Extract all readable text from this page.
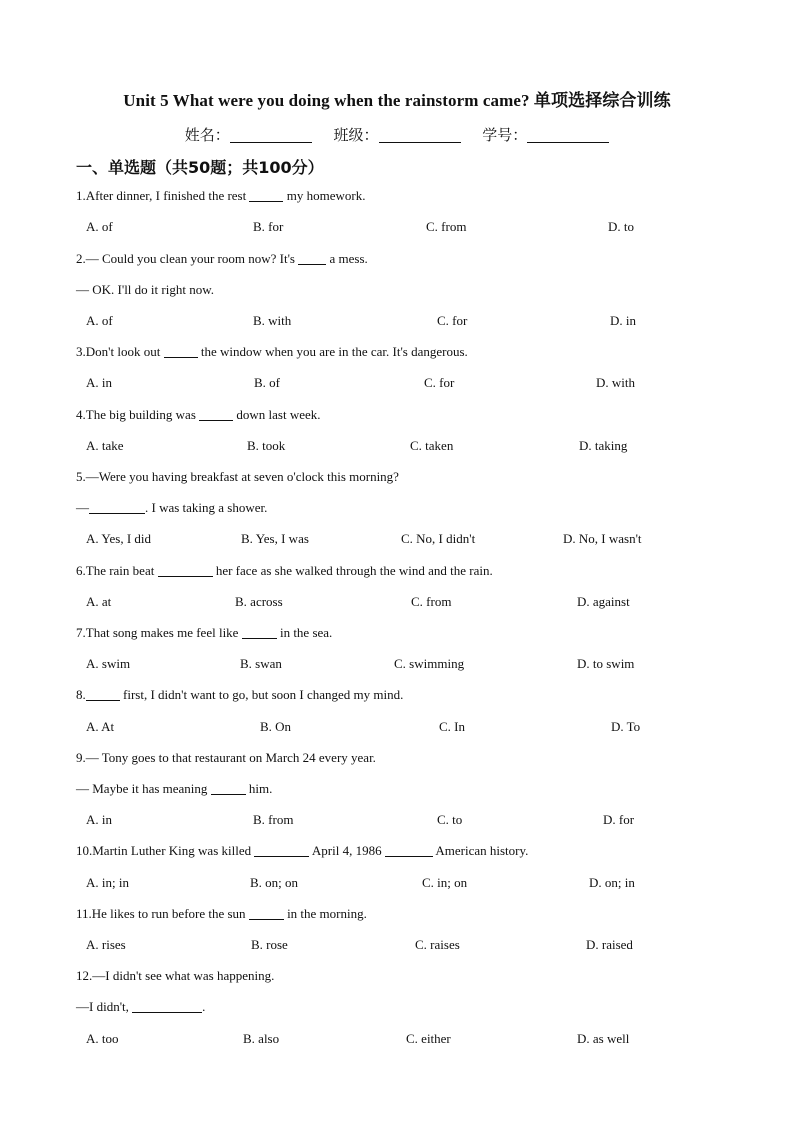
Unit 5 What were you doing when the rainstorm came? 单项选择综合训练
姓名：	班级：	学号：
一、单选题（共50题；共100分）
1.After dinner, I finished the rest	my homework.
A. of	B. for	C. from	D. to
2.— Could you clean your room now? It's  a mess.
— OK. I'll do it right now.
A. of	B. with	C. for	D. in
3.Don't look out	the window when you are in the car. It's dangerous.
A. in	B. of	C. for	D. with
4.The big building was	down last week.
A. take	B. took	C. taken	D. taking
5.—Were you having breakfast at seven o'clock this morning?
—	. I was taking a shower.
A. Yes, I did	B. Yes, I was	C. No, I didn't	D. No, I wasn't
6.The rain beat	her face as she walked through the wind and the rain.
A. at	B. across	C. from	D. against
7.That song makes me feel like	in the sea.
A. swim	B. swan	C. swimming	D. to swim
8.	first, I didn't want to go, but soon I changed my mind.
A. At	B. On	C. In	D. To
9.— Tony goes to that restaurant on March 24 every year.
— Maybe it has meaning	him.
A. in	B. from	C. to	D. for
10.Martin Luther King was killed	April 4, 1986	American history.
A. in; in	B. on; on	C. in; on	D. on; in
11.He likes to run before the sun	in the morning.
A. rises	B. rose	C. raises	D. raised
12.—I didn't see what was happening.
—I didn't,	.
A. too	B. also	C. either	D. as well
